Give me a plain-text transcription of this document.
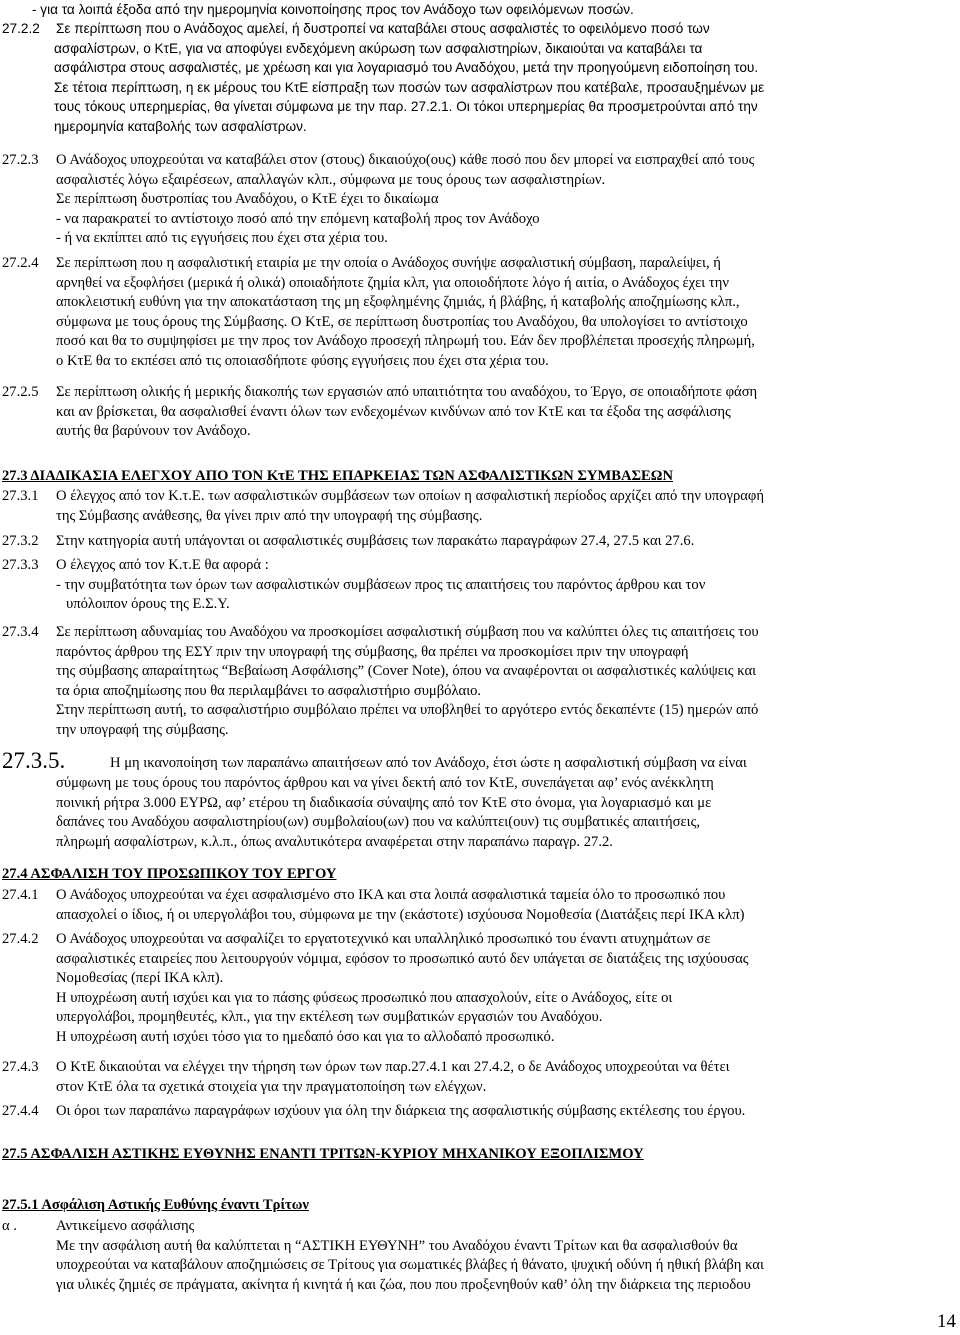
- για τα λοιπά έξοδα από την ημερομηνία κοινοποίησης προς τον Ανάδοχο των οφειλόμενων ποσών.
27.2.2	Σε περίπτωση που ο Ανάδοχος αμελεί, ή δυστροπεί να καταβάλει στους ασφαλιστές το οφειλόμενο ποσό των
ασφαλίστρων, ο ΚτΕ, για να αποφύγει ενδεχόμενη ακύρωση των ασφαλιστηρίων, δικαιούται να καταβάλει τα
ασφάλιστρα στους ασφαλιστές, με χρέωση και για λογαριασμό του Αναδόχου, μετά την προηγούμενη ειδοποίηση του.
Σε τέτοια περίπτωση, η εκ μέρους του ΚτΕ είσπραξη των ποσών των ασφαλίστρων που κατέβαλε, προσαυξημένων με
τους τόκους υπερημερίας, θα γίνεται σύμφωνα με την παρ. 27.2.1. Οι τόκοι υπερημερίας θα προσμετρούνται από την
ημερομηνία καταβολής των ασφαλίστρων.
27.2.3	Ο Ανάδοχος υποχρεούται να καταβάλει στον (στους) δικαιούχο(ους) κάθε ποσό που δεν μπορεί να εισπραχθεί από τους
ασφαλιστές λόγω εξαιρέσεων, απαλλαγών κλπ., σύμφωνα με τους όρους των ασφαλιστηρίων.
Σε περίπτωση δυστροπίας του Αναδόχου, ο ΚτΕ έχει το δικαίωμα
- να παρακρατεί το αντίστοιχο ποσό από την επόμενη καταβολή προς τον Ανάδοχο
- ή να εκπίπτει από τις εγγυήσεις που έχει στα χέρια του.
27.2.4	Σε περίπτωση που η ασφαλιστική εταιρία με την οποία ο Ανάδοχος συνήψε ασφαλιστική σύμβαση, παραλείψει, ή
αρνηθεί να εξοφλήσει (μερικά ή ολικά) οποιαδήποτε ζημία κλπ, για οποιοδήποτε λόγο ή αιτία, ο Ανάδοχος έχει την
αποκλειστική ευθύνη για την αποκατάσταση της μη εξοφλημένης ζημιάς, ή βλάβης, ή καταβολής αποζημίωσης κλπ.,
σύμφωνα με τους όρους της Σύμβασης. Ο ΚτΕ, σε περίπτωση δυστροπίας του Αναδόχου, θα υπολογίσει το αντίστοιχο
ποσό και θα το συμψηφίσει με την προς τον Ανάδοχο προσεχή πληρωμή του. Εάν δεν προβλέπεται προσεχής πληρωμή,
ο ΚτΕ θα το εκπέσει από τις οποιασδήποτε φύσης εγγυήσεις που έχει στα χέρια του.
27.2.5	Σε περίπτωση ολικής ή μερικής διακοπής των εργασιών από υπαιτιότητα του αναδόχου, το Έργο, σε οποιαδήποτε φάση
και αν βρίσκεται, θα ασφαλισθεί έναντι όλων των ενδεχομένων κινδύνων από τον ΚτΕ και τα έξοδα της ασφάλισης
αυτής θα βαρύνουν τον Ανάδοχο.
27.3 ΔΙΑΔΙΚΑΣΙΑ ΕΛΕΓΧΟΥ ΑΠΟ ΤΟΝ ΚτΕ ΤΗΣ ΕΠΑΡΚΕΙΑΣ ΤΩΝ ΑΣΦΑΛΙΣΤΙΚΩΝ ΣΥΜΒΑΣΕΩΝ
27.3.1	Ο έλεγχος από τον Κ.τ.Ε. των ασφαλιστικών συμβάσεων των οποίων η ασφαλιστική περίοδος αρχίζει από την υπογραφή
της Σύμβασης ανάθεσης, θα γίνει πριν από την υπογραφή της σύμβασης.
27.3.2	Στην κατηγορία αυτή υπάγονται οι ασφαλιστικές συμβάσεις των παρακάτω παραγράφων 27.4, 27.5 και 27.6.
27.3.3	Ο έλεγχος από τον Κ.τ.Ε θα αφορά :
- την συμβατότητα των όρων των ασφαλιστικών συμβάσεων προς τις απαιτήσεις του παρόντος άρθρου και τον
υπόλοιπον όρους της Ε.Σ.Υ.
27.3.4	Σε περίπτωση αδυναμίας του Αναδόχου να προσκομίσει ασφαλιστική σύμβαση που να καλύπτει όλες τις απαιτήσεις του
παρόντος άρθρου της ΕΣΥ πριν την υπογραφή της σύμβασης, θα πρέπει να προσκομίσει πριν την υπογραφή
της σύμβασης απαραίτητως “Βεβαίωση Ασφάλισης” (Cover Note), όπου να αναφέρονται οι ασφαλιστικές καλύψεις και
τα όρια αποζημίωσης που θα περιλαμβάνει το ασφαλιστήριο συμβόλαιο.
Στην περίπτωση αυτή, το ασφαλιστήριο συμβόλαιο πρέπει να υποβληθεί το αργότερο εντός δεκαπέντε (15) ημερών από
την υπογραφή της σύμβασης.
27.3.5.	Η μη ικανοποίηση των παραπάνω απαιτήσεων από τον Ανάδοχο, έτσι ώστε η ασφαλιστική σύμβαση να είναι
σύμφωνη με τους όρους του παρόντος άρθρου και να γίνει δεκτή από τον ΚτΕ, συνεπάγεται αφ’ ενός ανέκκλητη
ποινική ρήτρα 3.000 ΕΥΡΩ, αφ’ ετέρου τη διαδικασία σύναψης από τον ΚτΕ στο όνομα, για λογαριασμό και με
δαπάνες του Αναδόχου ασφαλιστηρίου(ων) συμβολαίου(ων) που να καλύπτει(ουν) τις συμβατικές απαιτήσεις,
πληρωμή ασφαλίστρων, κ.λ.π., όπως αναλυτικότερα αναφέρεται στην παραπάνω παραγρ. 27.2.
27.4 ΑΣΦΑΛΙΣΗ ΤΟΥ ΠΡΟΣΩΠΙΚΟΥ ΤΟΥ ΕΡΓΟΥ
27.4.1	Ο Ανάδοχος υποχρεούται να έχει ασφαλισμένο στο ΙΚΑ και στα λοιπά ασφαλιστικά ταμεία όλο το προσωπικό που
απασχολεί ο ίδιος, ή οι υπεργολάβοι του, σύμφωνα με την (εκάστοτε) ισχύουσα Νομοθεσία (Διατάξεις περί ΙΚΑ κλπ)
27.4.2	Ο Ανάδοχος υποχρεούται να ασφαλίζει το εργατοτεχνικό και υπαλληλικό προσωπικό του έναντι ατυχημάτων σε
ασφαλιστικές εταιρείες που λειτουργούν νόμιμα, εφόσον το προσωπικό αυτό δεν υπάγεται σε διατάξεις της ισχύουσας
Νομοθεσίας (περί ΙΚΑ κλπ).
Η υποχρέωση αυτή ισχύει και για το πάσης φύσεως προσωπικό που απασχολούν, είτε ο Ανάδοχος, είτε οι
υπεργολάβοι, προμηθευτές, κλπ., για την εκτέλεση των συμβατικών εργασιών του Αναδόχου.
Η υποχρέωση αυτή ισχύει τόσο για το ημεδαπό όσο και για το αλλοδαπό προσωπικό.
27.4.3	Ο ΚτΕ δικαιούται να ελέγχει την τήρηση των όρων των παρ.27.4.1 και 27.4.2, ο δε Ανάδοχος υποχρεούται να θέτει
στον ΚτΕ όλα τα σχετικά στοιχεία για την πραγματοποίηση των ελέγχων.
27.4.4	Οι όροι των παραπάνω παραγράφων ισχύουν για όλη την διάρκεια της ασφαλιστικής σύμβασης εκτέλεσης του έργου.
27.5 ΑΣΦΑΛΙΣΗ ΑΣΤΙΚΗΣ ΕΥΘΥΝΗΣ ΕΝΑΝΤΙ ΤΡΙΤΩΝ-ΚΥΡΙΟΥ ΜΗΧΑΝΙΚΟΥ ΕΞΟΠΛΙΣΜΟΥ
27.5.1 Ασφάλιση Αστικής Ευθύνης έναντι Τρίτων
α .	Αντικείμενο ασφάλισης
Με την ασφάλιση αυτή θα καλύπτεται η “ΑΣΤΙΚΗ ΕΥΘΥΝΗ” του Αναδόχου έναντι Τρίτων και θα ασφαλισθούν θα
υποχρεούται να καταβάλουν αποζημιώσεις σε Τρίτους για σωματικές βλάβες ή θάνατο, ψυχική οδύνη ή ηθική βλάβη και
για υλικές ζημιές σε πράγματα, ακίνητα ή κινητά ή και ζώα, που που προξενηθούν καθ’ όλη την διάρκεια της περιοδου
14
